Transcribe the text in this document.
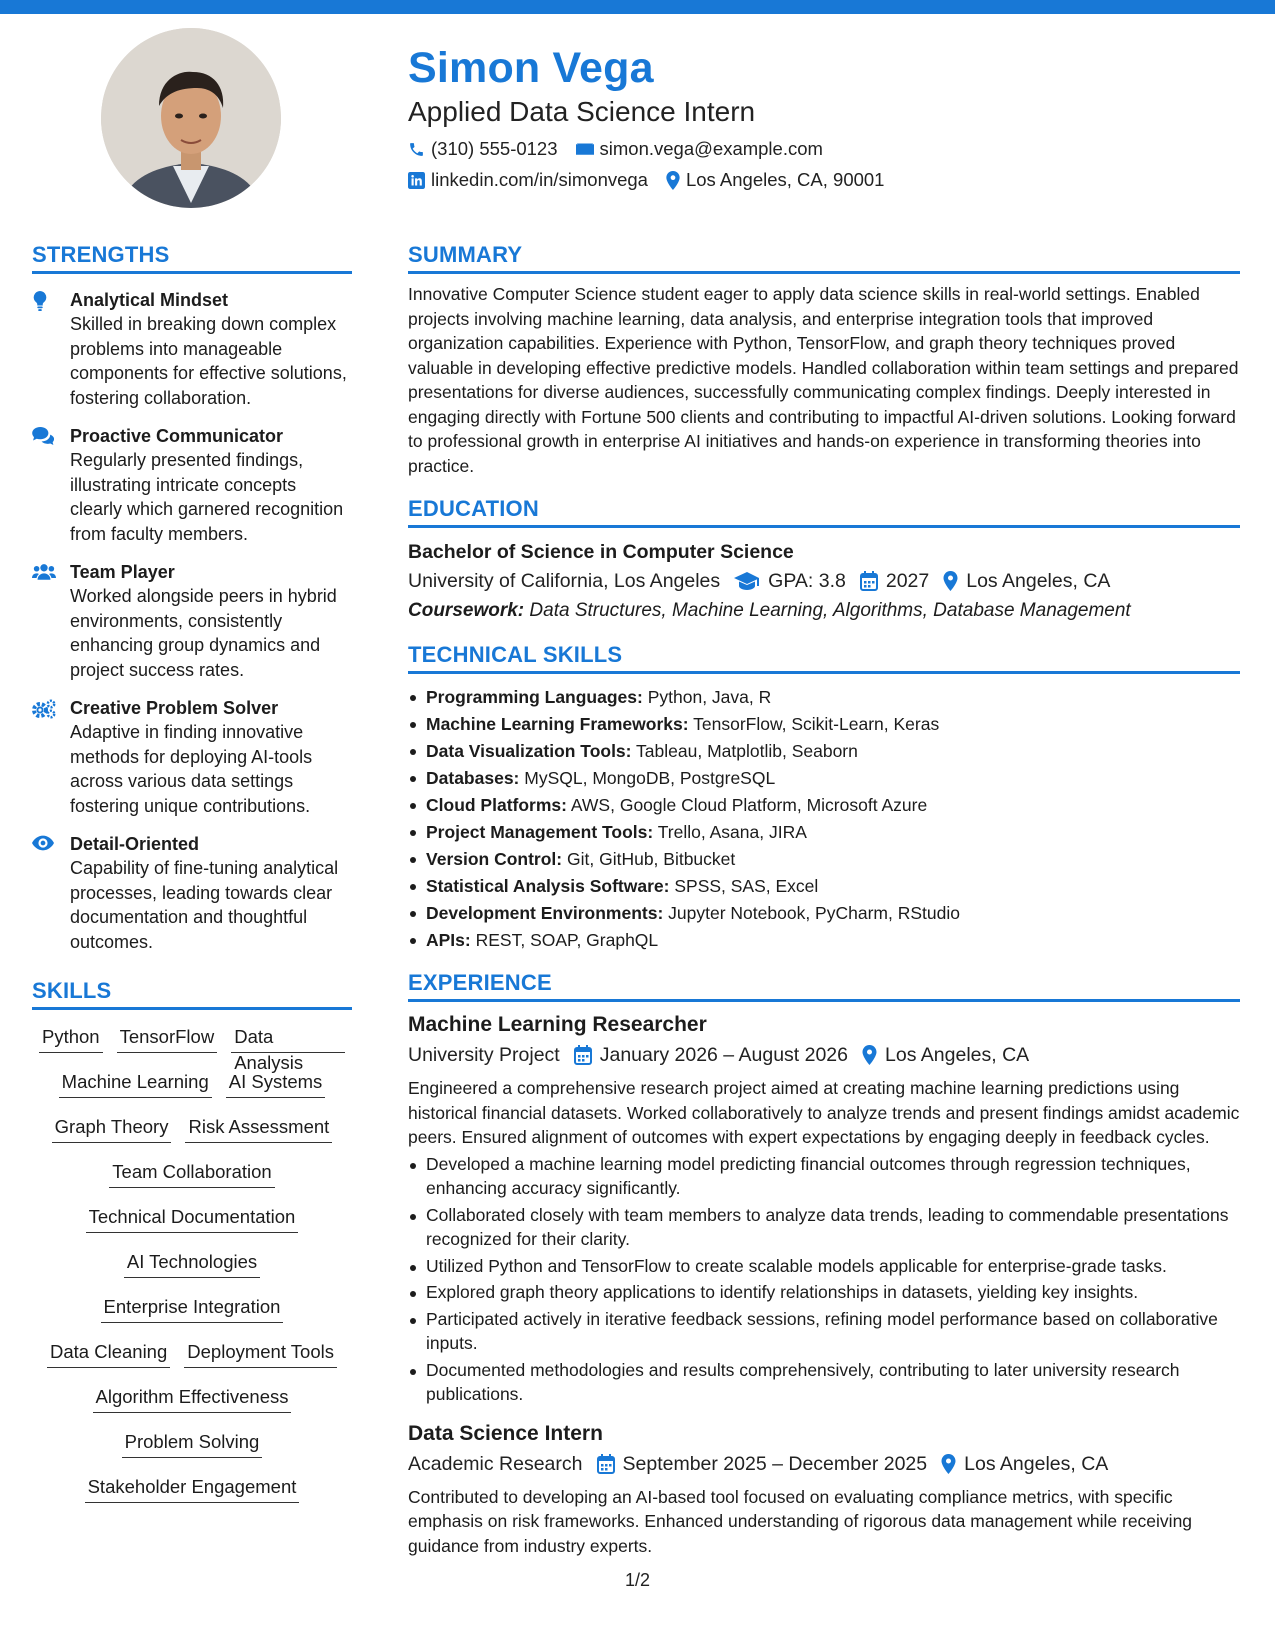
Simon Vega
Applied Data Science Intern
(310) 555-0123 simon.vega@example.com
linkedin.com/in/simonvega Los Angeles, CA, 90001
STRENGTHS
Analytical Mindset
Skilled in breaking down complex problems into manageable components for effective solutions, fostering collaboration.
Proactive Communicator
Regularly presented findings, illustrating intricate concepts clearly which garnered recognition from faculty members.
Team Player
Worked alongside peers in hybrid environments, consistently enhancing group dynamics and project success rates.
Creative Problem Solver
Adaptive in finding innovative methods for deploying AI-tools across various data settings fostering unique contributions.
Detail-Oriented
Capability of fine-tuning analytical processes, leading towards clear documentation and thoughtful outcomes.
SKILLS
Python TensorFlow Data Analysis
Machine Learning AI Systems
Graph Theory Risk Assessment
Team Collaboration
Technical Documentation
AI Technologies
Enterprise Integration
Data Cleaning Deployment Tools
Algorithm Effectiveness
Problem Solving
Stakeholder Engagement
SUMMARY
Innovative Computer Science student eager to apply data science skills in real-world settings. Enabled projects involving machine learning, data analysis, and enterprise integration tools that improved organization capabilities. Experience with Python, TensorFlow, and graph theory techniques proved valuable in developing effective predictive models. Handled collaboration within team settings and prepared presentations for diverse audiences, successfully communicating complex findings. Deeply interested in engaging directly with Fortune 500 clients and contributing to impactful AI-driven solutions. Looking forward to professional growth in enterprise AI initiatives and hands-on experience in transforming theories into practice.
EDUCATION
Bachelor of Science in Computer Science
University of California, Los Angeles GPA: 3.8 2027 Los Angeles, CA
Coursework: Data Structures, Machine Learning, Algorithms, Database Management
TECHNICAL SKILLS
Programming Languages: Python, Java, R
Machine Learning Frameworks: TensorFlow, Scikit-Learn, Keras
Data Visualization Tools: Tableau, Matplotlib, Seaborn
Databases: MySQL, MongoDB, PostgreSQL
Cloud Platforms: AWS, Google Cloud Platform, Microsoft Azure
Project Management Tools: Trello, Asana, JIRA
Version Control: Git, GitHub, Bitbucket
Statistical Analysis Software: SPSS, SAS, Excel
Development Environments: Jupyter Notebook, PyCharm, RStudio
APIs: REST, SOAP, GraphQL
EXPERIENCE
Machine Learning Researcher
University Project January 2026 – August 2026 Los Angeles, CA
Engineered a comprehensive research project aimed at creating machine learning predictions using historical financial datasets. Worked collaboratively to analyze trends and present findings amidst academic peers. Ensured alignment of outcomes with expert expectations by engaging deeply in feedback cycles.
Developed a machine learning model predicting financial outcomes through regression techniques, enhancing accuracy significantly.
Collaborated closely with team members to analyze data trends, leading to commendable presentations recognized for their clarity.
Utilized Python and TensorFlow to create scalable models applicable for enterprise-grade tasks.
Explored graph theory applications to identify relationships in datasets, yielding key insights.
Participated actively in iterative feedback sessions, refining model performance based on collaborative inputs.
Documented methodologies and results comprehensively, contributing to later university research publications.
Data Science Intern
Academic Research September 2025 – December 2025 Los Angeles, CA
Contributed to developing an AI-based tool focused on evaluating compliance metrics, with specific emphasis on risk frameworks. Enhanced understanding of rigorous data management while receiving guidance from industry experts.
1/2
